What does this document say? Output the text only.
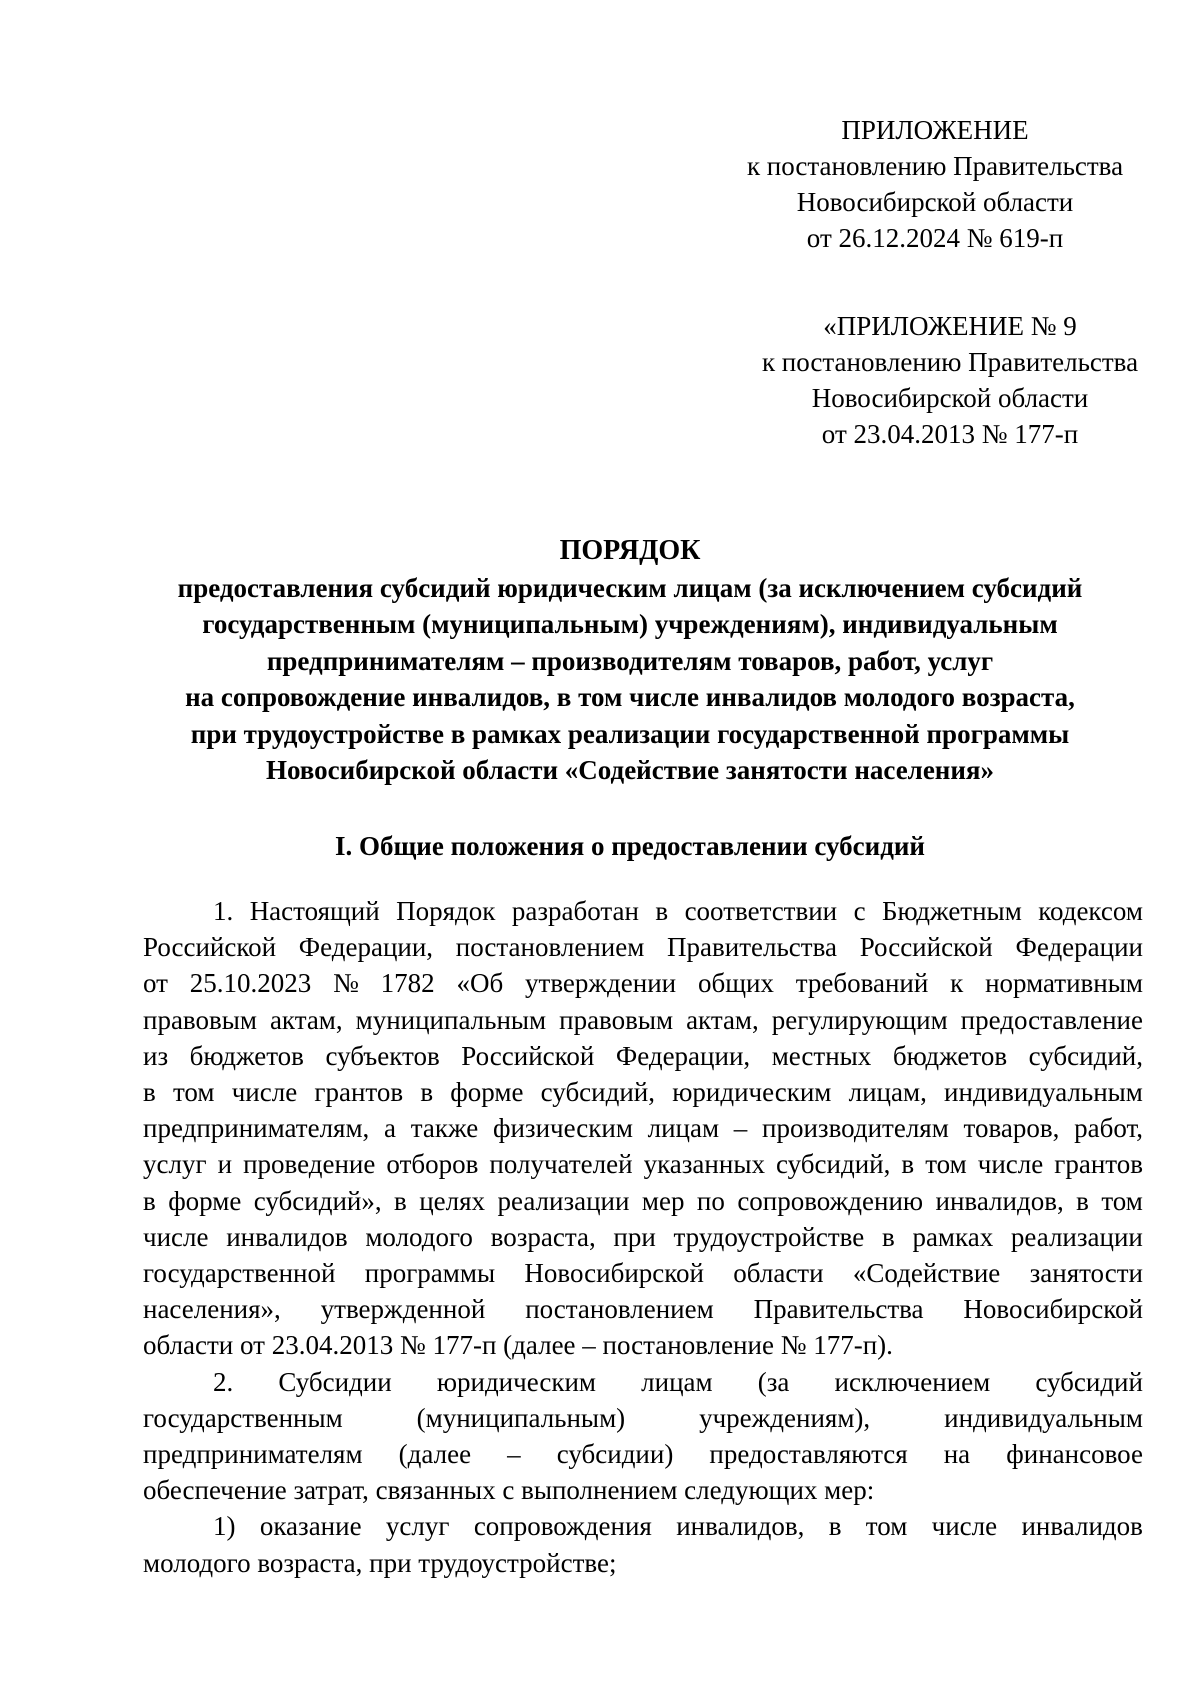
ПРИЛОЖЕНИЕ
к постановлению Правительства
Новосибирской области
от 26.12.2024 № 619-п
«ПРИЛОЖЕНИЕ № 9
к постановлению Правительства
Новосибирской области
от 23.04.2013 № 177-п
ПОРЯДОК
предоставления субсидий юридическим лицам (за исключением субсидий
государственным (муниципальным) учреждениям), индивидуальным
предпринимателям – производителям товаров, работ, услуг
на сопровождение инвалидов, в том числе инвалидов молодого возраста,
при трудоустройстве в рамках реализации государственной программы
Новосибирской области «Содействие занятости населения»
I. Общие положения о предоставлении субсидий
1. Настоящий Порядок разработан в соответствии с Бюджетным кодексом
Российской Федерации, постановлением Правительства Российской Федерации
от 25.10.2023 № 1782 «Об утверждении общих требований к нормативным
правовым актам, муниципальным правовым актам, регулирующим предоставление
из бюджетов субъектов Российской Федерации, местных бюджетов субсидий,
в том числе грантов в форме субсидий, юридическим лицам, индивидуальным
предпринимателям, а также физическим лицам – производителям товаров, работ,
услуг и проведение отборов получателей указанных субсидий, в том числе грантов
в форме субсидий», в целях реализации мер по сопровождению инвалидов, в том
числе инвалидов молодого возраста, при трудоустройстве в рамках реализации
государственной программы Новосибирской области «Содействие занятости
населения», утвержденной постановлением Правительства Новосибирской
области от 23.04.2013 № 177-п (далее – постановление № 177-п).
2. Субсидии юридическим лицам (за исключением субсидий
государственным	(муниципальным)	учреждениям),	индивидуальным
предпринимателям (далее – субсидии) предоставляются на финансовое
обеспечение затрат, связанных с выполнением следующих мер:
1) оказание услуг сопровождения инвалидов, в том числе инвалидов
молодого возраста, при трудоустройстве;
